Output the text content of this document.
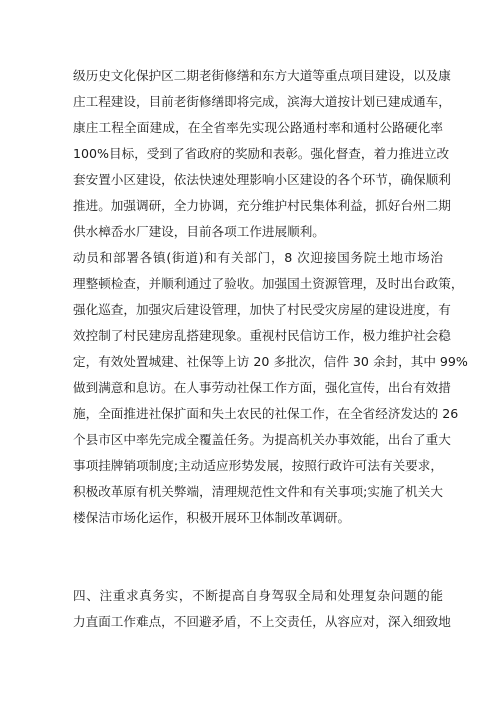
级历史文化保护区二期老街修缮和东方大道等重点项目建设，以及康
庄工程建设，目前老街修缮即将完成，滨海大道按计划已建成通车，
康庄工程全面建成，在全省率先实现公路通村率和通村公路硬化率
100%目标，受到了省政府的奖励和表彰。强化督查，着力推进立改
套安置小区建设，依法快速处理影响小区建设的各个环节，确保顺利
推进。加强调研，全力协调，充分维护村民集体利益，抓好台州二期
供水樟岙水厂建设，目前各项工作进展顺利。
动员和部署各镇(街道)和有关部门，8 次迎接国务院土地市场治
理整顿检查，并顺利通过了验收。加强国土资源管理，及时出台政策，
强化巡查，加强灾后建设管理，加快了村民受灾房屋的建设进度，有
效控制了村民建房乱搭建现象。重视村民信访工作，极力维护社会稳
定，有效处置城建、社保等上访 20 多批次，信件 30 余封，其中 99%
做到满意和息访。在人事劳动社保工作方面，强化宣传，出台有效措
施，全面推进社保扩面和失土农民的社保工作，在全省经济发达的 26
个县市区中率先完成全覆盖任务。为提高机关办事效能，出台了重大
事项挂牌销项制度;主动适应形势发展，按照行政许可法有关要求，
积极改革原有机关弊端，清理规范性文件和有关事项;实施了机关大
楼保洁市场化运作，积极开展环卫体制改革调研。
四、注重求真务实，不断提高自身驾驭全局和处理复杂问题的能
力直面工作难点，不回避矛盾，不上交责任，从容应对，深入细致地
